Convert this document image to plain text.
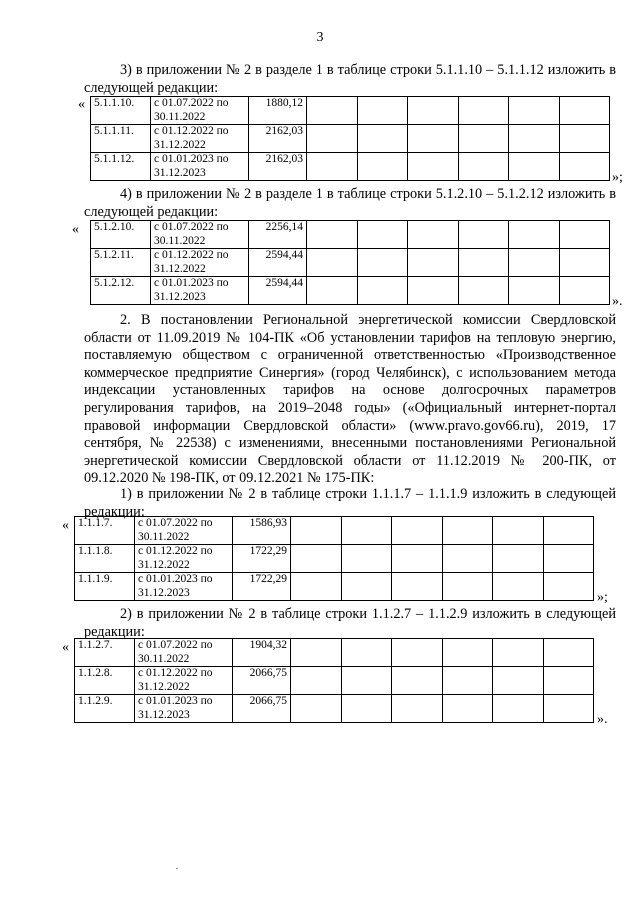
3

3) в приложении № 2 в разделе 1 в таблице строки 5.1.1.10 – 5.1.1.12 изложить в следующей редакции:

« 5.1.1.10.	с 01.07.2022 по 30.11.2022	1880,12						
5.1.1.11.	с 01.12.2022 по 31.12.2022	2162,03						
5.1.1.12.	с 01.01.2023 по 31.12.2023	2162,03						
»;

4) в приложении № 2 в разделе 1 в таблице строки 5.1.2.10 – 5.1.2.12 изложить в следующей редакции:

« 5.1.2.10.	с 01.07.2022 по 30.11.2022	2256,14						
5.1.2.11.	с 01.12.2022 по 31.12.2022	2594,44						
5.1.2.12.	с 01.01.2023 по 31.12.2023	2594,44						
».

2. В постановлении Региональной энергетической комиссии Свердловской области от 11.09.2019 № 104-ПК «Об установлении тарифов на тепловую энергию, поставляемую обществом с ограниченной ответственностью «Производственное коммерческое предприятие Синергия» (город Челябинск), с использованием метода индексации установленных тарифов на основе долгосрочных параметров регулирования тарифов, на 2019–2048 годы» («Официальный интернет-портал правовой информации Свердловской области» (www.pravo.gov66.ru), 2019, 17 сентября, № 22538) с изменениями, внесенными постановлениями Региональной энергетической комиссии Свердловской области от 11.12.2019 № 200-ПК, от 09.12.2020 № 198-ПК, от 09.12.2021 № 175-ПК:

1) в приложении № 2 в таблице строки 1.1.1.7 – 1.1.1.9 изложить в следующей редакции:

« 1.1.1.7.	с 01.07.2022 по 30.11.2022	1586,93						
1.1.1.8.	с 01.12.2022 по 31.12.2022	1722,29						
1.1.1.9.	с 01.01.2023 по 31.12.2023	1722,29						
»;

2) в приложении № 2 в таблице строки 1.1.2.7 – 1.1.2.9 изложить в следующей редакции:

« 1.1.2.7.	с 01.07.2022 по 30.11.2022	1904,32						
1.1.2.8.	с 01.12.2022 по 31.12.2022	2066,75						
1.1.2.9.	с 01.01.2023 по 31.12.2023	2066,75						
».
